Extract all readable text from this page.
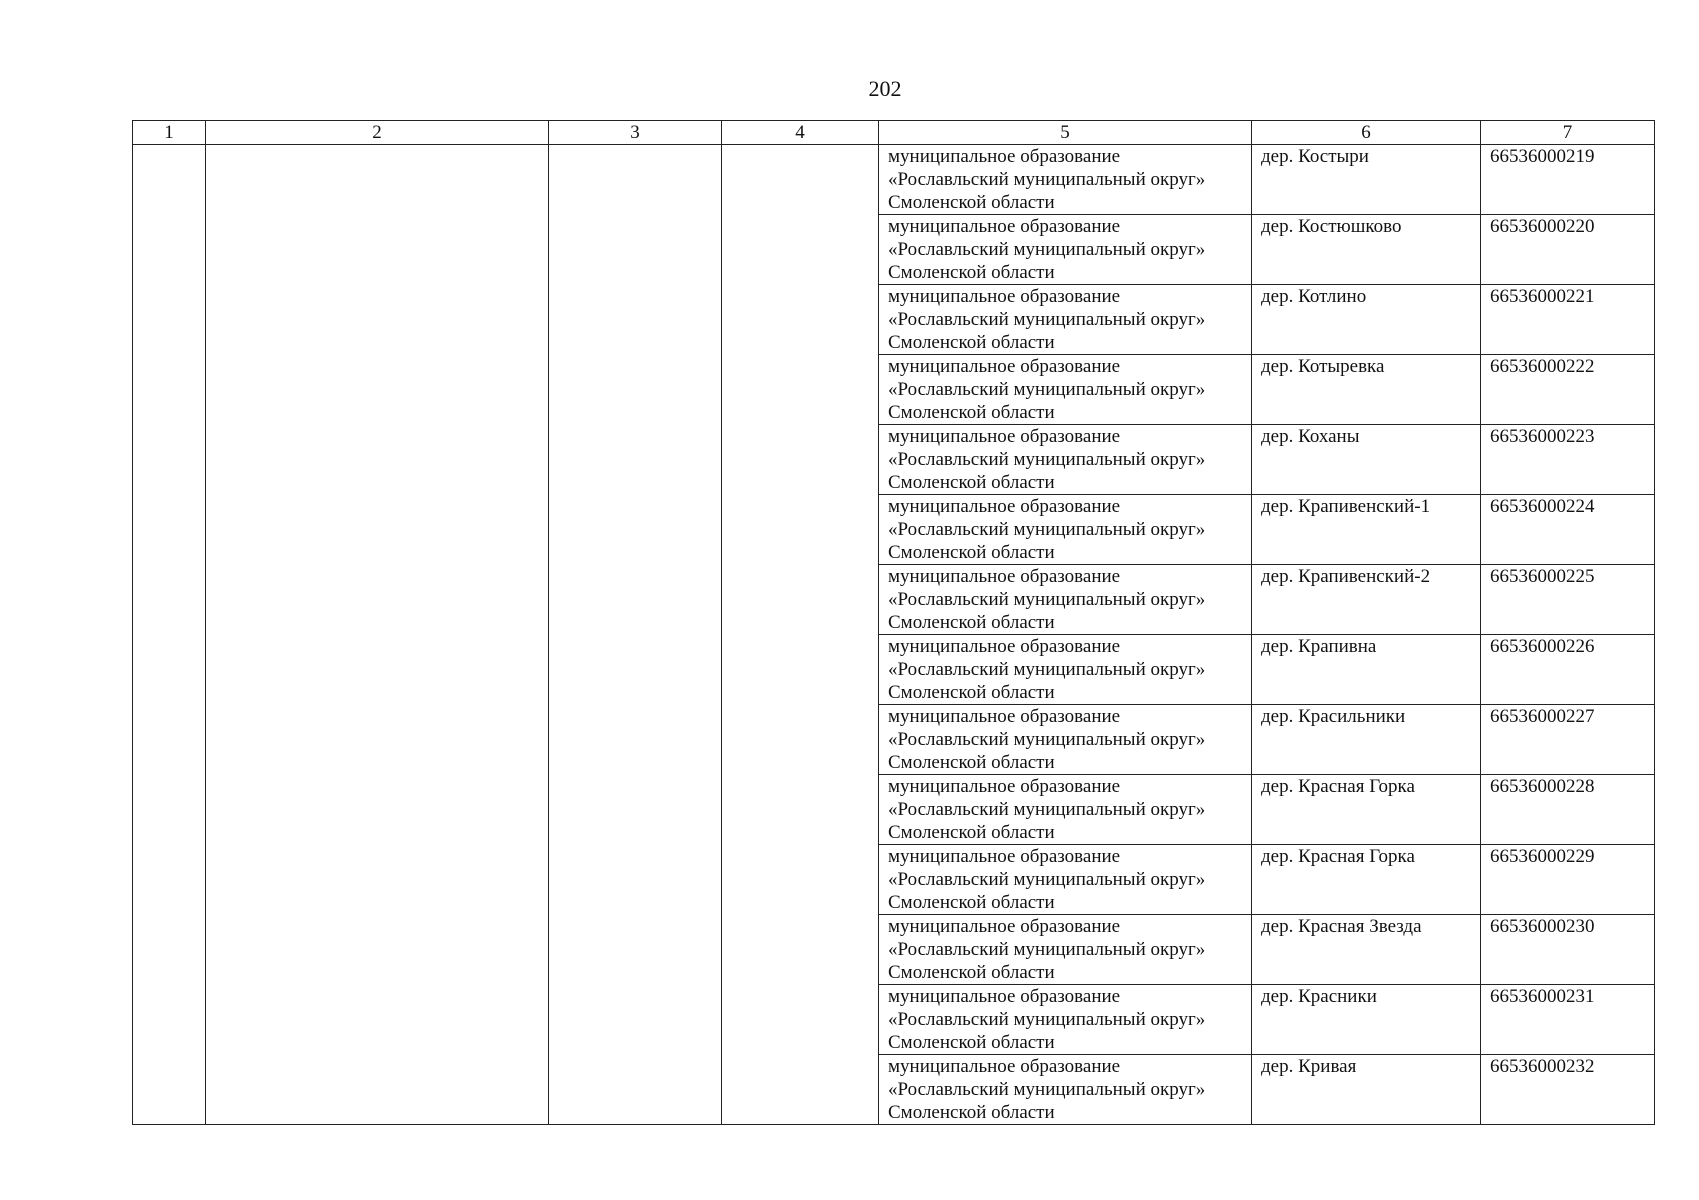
202
1	2	3	4	5	6	7

				муниципальное образование
«Рославльский муниципальный округ»
Смоленской области	дер. Костыри	66536000219

				муниципальное образование
«Рославльский муниципальный округ»
Смоленской области	дер. Костюшково	66536000220

				муниципальное образование
«Рославльский муниципальный округ»
Смоленской области	дер. Котлино	66536000221

				муниципальное образование
«Рославльский муниципальный округ»
Смоленской области	дер. Котыревка	66536000222

				муниципальное образование
«Рославльский муниципальный округ»
Смоленской области	дер. Коханы	66536000223

				муниципальное образование
«Рославльский муниципальный округ»
Смоленской области	дер. Крапивенский-1	66536000224

				муниципальное образование
«Рославльский муниципальный округ»
Смоленской области	дер. Крапивенский-2	66536000225

				муниципальное образование
«Рославльский муниципальный округ»
Смоленской области	дер. Крапивна	66536000226

				муниципальное образование
«Рославльский муниципальный округ»
Смоленской области	дер. Красильники	66536000227

				муниципальное образование
«Рославльский муниципальный округ»
Смоленской области	дер. Красная Горка	66536000228

				муниципальное образование
«Рославльский муниципальный округ»
Смоленской области	дер. Красная Горка	66536000229

				муниципальное образование
«Рославльский муниципальный округ»
Смоленской области	дер. Красная Звезда	66536000230

				муниципальное образование
«Рославльский муниципальный округ»
Смоленской области	дер. Красники	66536000231

				муниципальное образование
«Рославльский муниципальный округ»
Смоленской области	дер. Кривая	66536000232
